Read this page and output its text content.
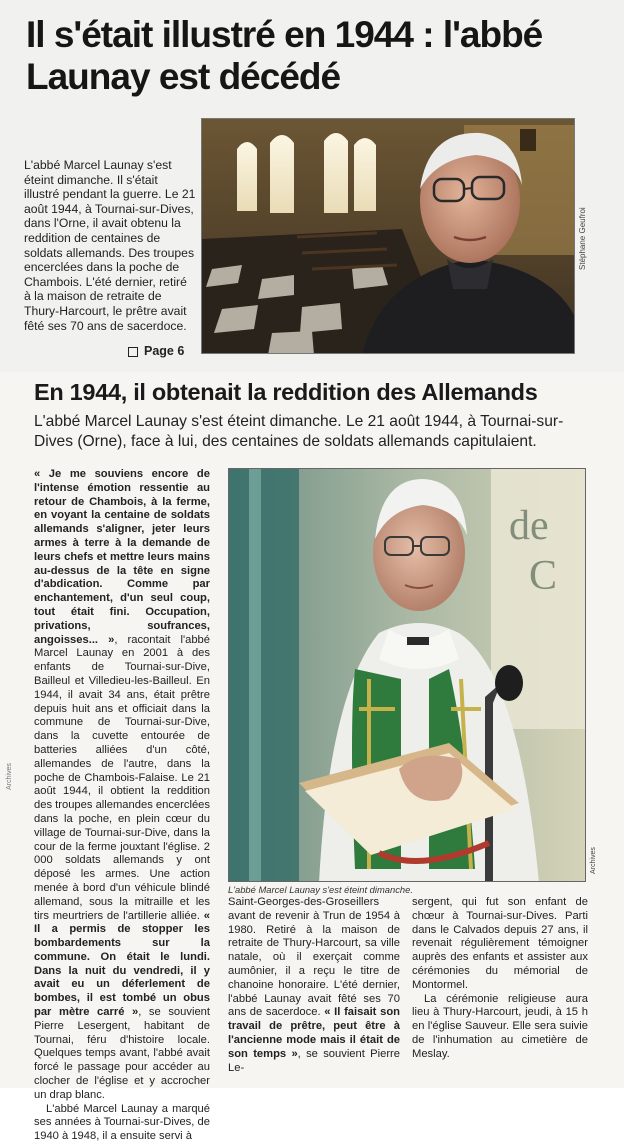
Il s'était illustré en 1944 : l'abbé Launay est décédé

L'abbé Marcel Launay s'est éteint dimanche. Il s'était illustré pendant la guerre. Le 21 août 1944, à Tournai-sur-Dives, dans l'Orne, il avait obtenu la reddition de centaines de soldats allemands. Des troupes encerclées dans la poche de Chambois. L'été dernier, retiré à la maison de retraite de Thury-Harcourt, le prêtre avait fêté ses 70 ans de sacerdoce.

Page 6
Stéphane Geufroi
Archives
En 1944, il obtenait la reddition des Allemands

L'abbé Marcel Launay s'est éteint dimanche. Le 21 août 1944, à Tournai-sur-Dives (Orne), face à lui, des centaines de soldats allemands capitulaient.

« Je me souviens encore de l'intense émotion ressentie au retour de Chambois, à la ferme, en voyant la centaine de soldats allemands s'aligner, jeter leurs armes à terre à la demande de leurs chefs et mettre leurs mains au-dessus de la tête en signe d'abdication. Comme par enchantement, d'un seul coup, tout était fini. Occupation, privations, soufrances, angoisses... », racontait l'abbé Marcel Launay en 2001 à des enfants de Tournai-sur-Dive, Bailleul et Villedieu-les-Bailleul. En 1944, il avait 34 ans, était prêtre depuis huit ans et officiait dans la commune de Tournai-sur-Dive, dans la cuvette entourée de batteries alliées d'un côté, allemandes de l'autre, dans la poche de Chambois-Falaise. Le 21 août 1944, il obtient la reddition des troupes allemandes encerclées dans la poche, en plein cœur du village de Tournai-sur-Dive, dans la cour de la ferme jouxtant l'église. 2 000 soldats allemands y ont déposé les armes. Une action menée à bord d'un véhicule blindé allemand, sous la mitraille et les tirs meurtriers de l'artillerie alliée. « Il a permis de stopper les bombardements sur la commune. On était le lundi. Dans la nuit du vendredi, il y avait eu un déferlement de bombes, il est tombé un obus par mètre carré », se souvient Pierre Lesergent, habitant de Tournai, féru d'histoire locale. Quelques temps avant, l'abbé avait forcé le passage pour accéder au clocher de l'église et y accrocher un drap blanc.

L'abbé Marcel Launay a marqué ses années à Tournai-sur-Dives, de 1940 à 1948, il a ensuite servi à

de
C
Archives
L'abbé Marcel Launay s'est éteint dimanche.

Saint-Georges-des-Groseillers avant de revenir à Trun de 1954 à 1980. Retiré à la maison de retraite de Thury-Harcourt, sa ville natale, où il exerçait comme aumônier, il a reçu le titre de chanoine honoraire. L'été dernier, l'abbé Launay avait fêté ses 70 ans de sacerdoce. « Il faisait son travail de prêtre, peut être à l'ancienne mode mais il était de son temps », se souvient Pierre Le-

sergent, qui fut son enfant de chœur à Tournai-sur-Dives. Parti dans le Calvados depuis 27 ans, il revenait régulièrement témoigner auprès des enfants et assister aux cérémonies du mémorial de Montormel.

La cérémonie religieuse aura lieu à Thury-Harcourt, jeudi, à 15 h en l'église Sauveur. Elle sera suivie de l'inhumation au cimetière de Meslay.
